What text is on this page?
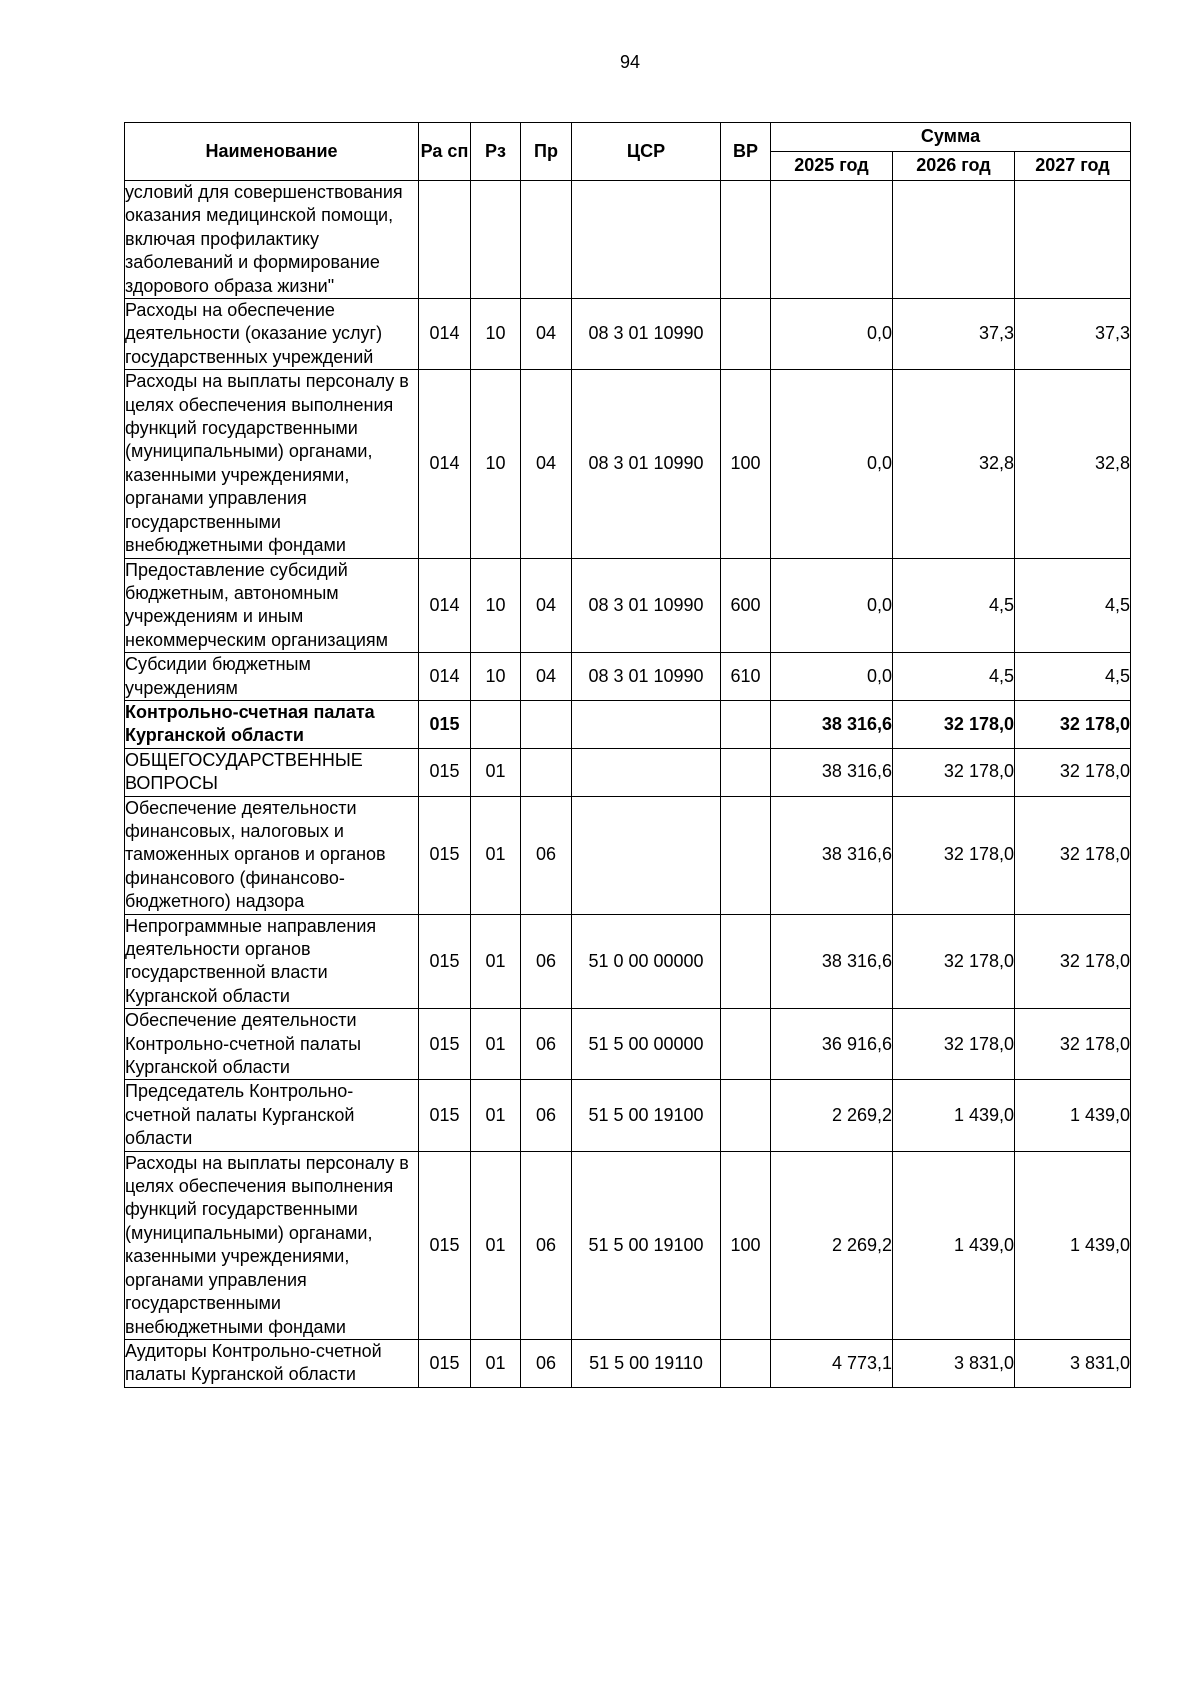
94
Наименование	Ра сп	Рз	Пр	ЦСР	ВР	Сумма		
						2025 год	2026 год	2027 год
условий для совершенствования оказания медицинской помощи, включая профилактику заболеваний и формирование здорового образа жизни"								
Расходы на обеспечение деятельности (оказание услуг) государственных учреждений	014	10	04	08 3 01 10990		0,0	37,3	37,3
Расходы на выплаты персоналу в целях обеспечения выполнения функций государственными (муниципальными) органами, казенными учреждениями, органами управления государственными внебюджетными фондами	014	10	04	08 3 01 10990	100	0,0	32,8	32,8
Предоставление субсидий бюджетным, автономным учреждениям и иным некоммерческим организациям	014	10	04	08 3 01 10990	600	0,0	4,5	4,5
Субсидии бюджетным учреждениям	014	10	04	08 3 01 10990	610	0,0	4,5	4,5
Контрольно-счетная палата Курганской области	015					38 316,6	32 178,0	32 178,0
ОБЩЕГОСУДАРСТВЕННЫЕ ВОПРОСЫ	015	01				38 316,6	32 178,0	32 178,0
Обеспечение деятельности финансовых, налоговых и таможенных органов и органов финансового (финансово-бюджетного) надзора	015	01	06			38 316,6	32 178,0	32 178,0
Непрограммные направления деятельности органов государственной власти Курганской области	015	01	06	51 0 00 00000		38 316,6	32 178,0	32 178,0
Обеспечение деятельности Контрольно-счетной палаты Курганской области	015	01	06	51 5 00 00000		36 916,6	32 178,0	32 178,0
Председатель Контрольно-счетной палаты Курганской области	015	01	06	51 5 00 19100		2 269,2	1 439,0	1 439,0
Расходы на выплаты персоналу в целях обеспечения выполнения функций государственными (муниципальными) органами, казенными учреждениями, органами управления государственными внебюджетными фондами	015	01	06	51 5 00 19100	100	2 269,2	1 439,0	1 439,0
Аудиторы Контрольно-счетной палаты Курганской области	015	01	06	51 5 00 19110		4 773,1	3 831,0	3 831,0
